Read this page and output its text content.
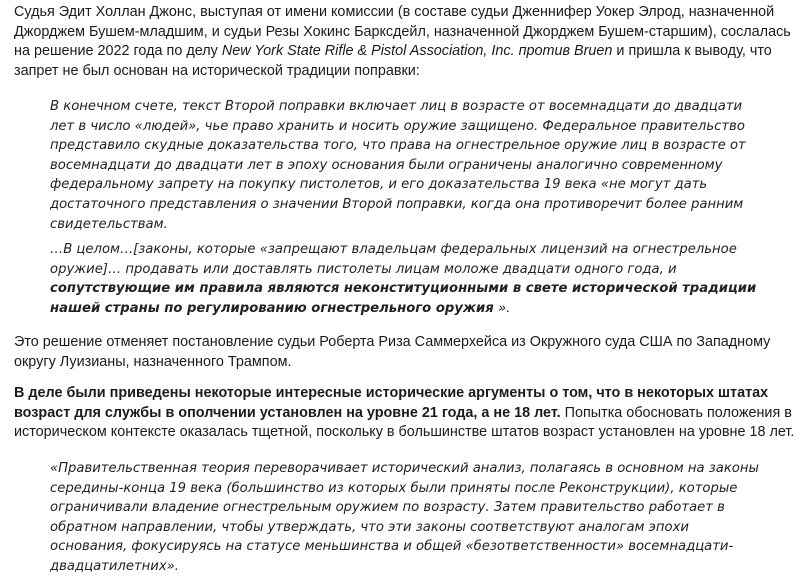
Судья Эдит Холлан Джонс, выступая от имени комиссии (в составе судьи Дженнифер Уокер Элрод, назначенной
Джорджем Бушем-младшим, и судьи Резы Хокинс Баркcдейл, назначенной Джорджем Бушем-старшим), сослалась
на решение 2022 года по делу New York State Rifle & Pistol Association, Inc. против Bruen и пришла к выводу, что
запрет не был основан на исторической традиции поправки:

В конечном счете, текст Второй поправки включает лиц в возрасте от восемнадцати до двадцати
лет в число «людей», чье право хранить и носить оружие защищено. Федеральное правительство
представило скудные доказательства того, что права на огнестрельное оружие лиц в возрасте от
восемнадцати до двадцати лет в эпоху основания были ограничены аналогично современному
федеральному запрету на покупку пистолетов, и его доказательства 19 века «не могут дать
достаточного представления о значении Второй поправки, когда она противоречит более ранним
свидетельствам.

…В целом…[законы, которые «запрещают владельцам федеральных лицензий на огнестрельное
оружие]… продавать или доставлять пистолеты лицам моложе двадцати одного года, и
сопутствующие им правила являются неконституционными в свете исторической традиции
нашей страны по регулированию огнестрельного оружия ».

Это решение отменяет постановление судьи Роберта Риза Саммерхейса из Окружного суда США по Западному
округу Луизианы, назначенного Трампом.

В деле были приведены некоторые интересные исторические аргументы о том, что в некоторых штатах
возраст для службы в ополчении установлен на уровне 21 года, а не 18 лет. Попытка обосновать положения в
историческом контексте оказалась тщетной, поскольку в большинстве штатов возраст установлен на уровне 18 лет.

«Правительственная теория переворачивает исторический анализ, полагаясь в основном на законы
середины-конца 19 века (большинство из которых были приняты после Реконструкции), которые
ограничивали владение огнестрельным оружием по возрасту. Затем правительство работает в
обратном направлении, чтобы утверждать, что эти законы соответствуют аналогам эпохи
основания, фокусируясь на статусе меньшинства и общей «безответственности» восемнадцати-
двадцатилетних».
